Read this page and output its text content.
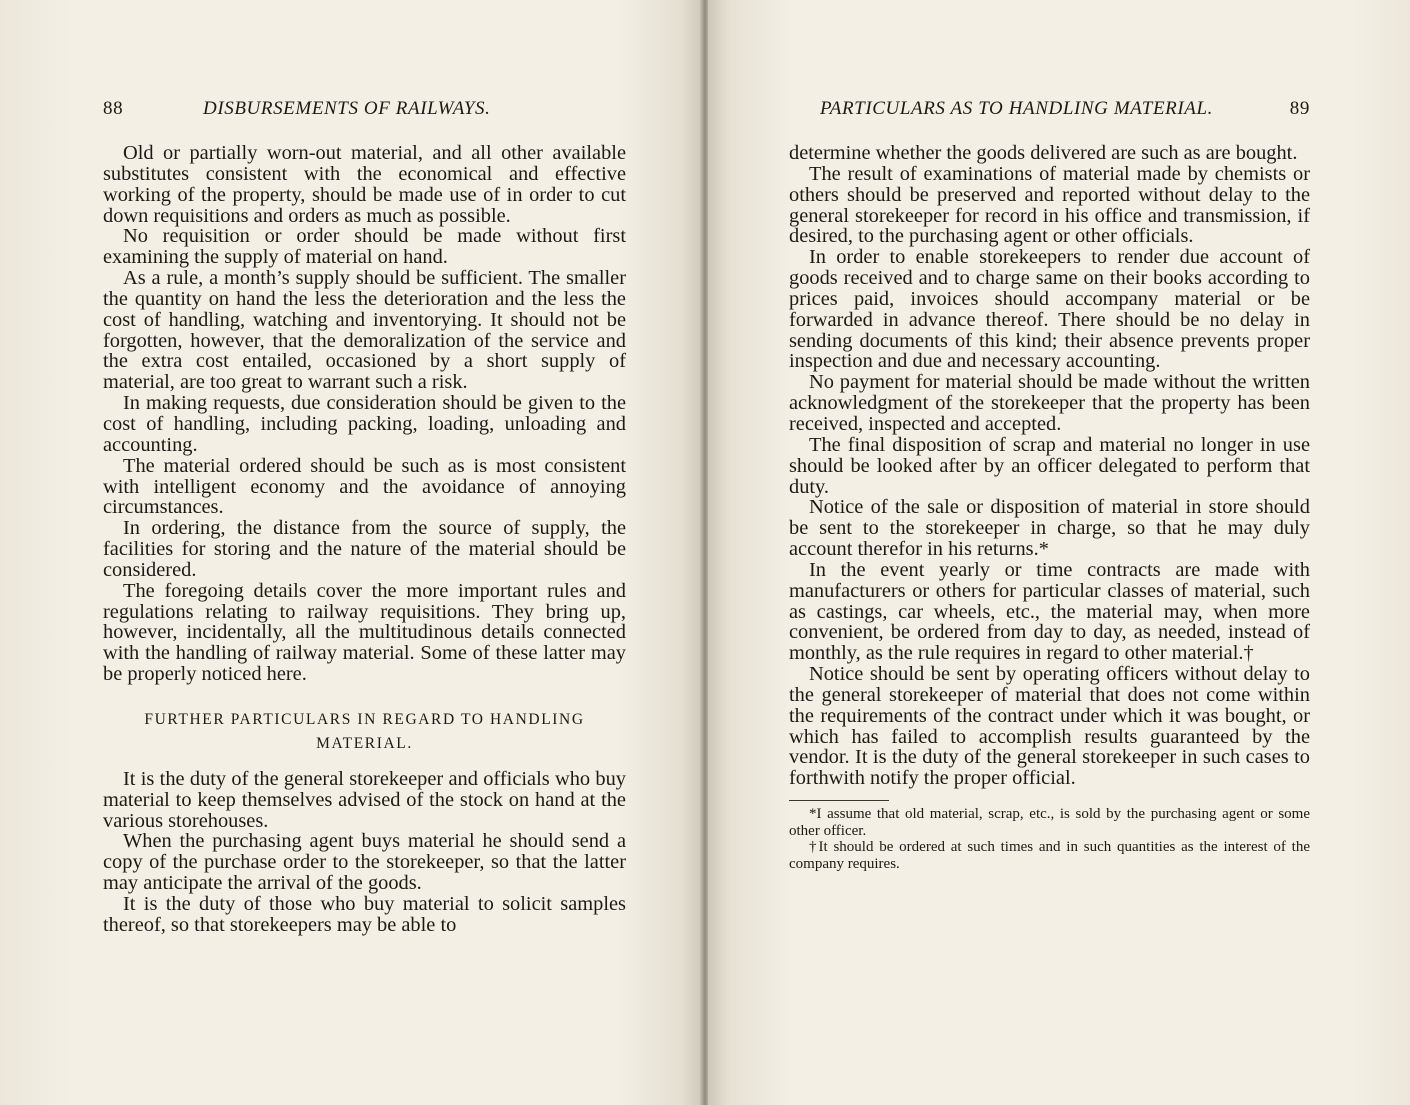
88	DISBURSEMENTS OF RAILWAYS.

Old or partially worn-out material, and all other available substitutes consistent with the economical and effective working of the property, should be made use of in order to cut down requisitions and orders as much as possible.

No requisition or order should be made without first examining the supply of material on hand.

As a rule, a month’s supply should be sufficient. The smaller the quantity on hand the less the deterioration and the less the cost of handling, watching and inventorying. It should not be forgotten, however, that the demoralization of the service and the extra cost entailed, occasioned by a short supply of material, are too great to warrant such a risk.

In making requests, due consideration should be given to the cost of handling, including packing, loading, unloading and accounting.

The material ordered should be such as is most consistent with intelligent economy and the avoidance of annoying circumstances.

In ordering, the distance from the source of supply, the facilities for storing and the nature of the material should be considered.

The foregoing details cover the more important rules and regulations relating to railway requisitions. They bring up, however, incidentally, all the multitudinous details connected with the handling of railway material. Some of these latter may be properly noticed here.

FURTHER PARTICULARS IN REGARD TO HANDLING MATERIAL.

It is the duty of the general storekeeper and officials who buy material to keep themselves advised of the stock on hand at the various storehouses.

When the purchasing agent buys material he should send a copy of the purchase order to the storekeeper, so that the latter may anticipate the arrival of the goods.

It is the duty of those who buy material to solicit samples thereof, so that storekeepers may be able to

PARTICULARS AS TO HANDLING MATERIAL.	89

determine whether the goods delivered are such as are bought.

The result of examinations of material made by chemists or others should be preserved and reported without delay to the general storekeeper for record in his office and transmission, if desired, to the purchasing agent or other officials.

In order to enable storekeepers to render due account of goods received and to charge same on their books according to prices paid, invoices should accompany material or be forwarded in advance thereof. There should be no delay in sending documents of this kind; their absence prevents proper inspection and due and necessary accounting.

No payment for material should be made without the written acknowledgment of the storekeeper that the property has been received, inspected and accepted.

The final disposition of scrap and material no longer in use should be looked after by an officer delegated to perform that duty.

Notice of the sale or disposition of material in store should be sent to the storekeeper in charge, so that he may duly account therefor in his returns.*

In the event yearly or time contracts are made with manufacturers or others for particular classes of material, such as castings, car wheels, etc., the material may, when more convenient, be ordered from day to day, as needed, instead of monthly, as the rule requires in regard to other material.†

Notice should be sent by operating officers without delay to the general storekeeper of material that does not come within the requirements of the contract under which it was bought, or which has failed to accomplish results guaranteed by the vendor. It is the duty of the general storekeeper in such cases to forthwith notify the proper official.

*I assume that old material, scrap, etc., is sold by the purchasing agent or some other officer.

†It should be ordered at such times and in such quantities as the interest of the company requires.
